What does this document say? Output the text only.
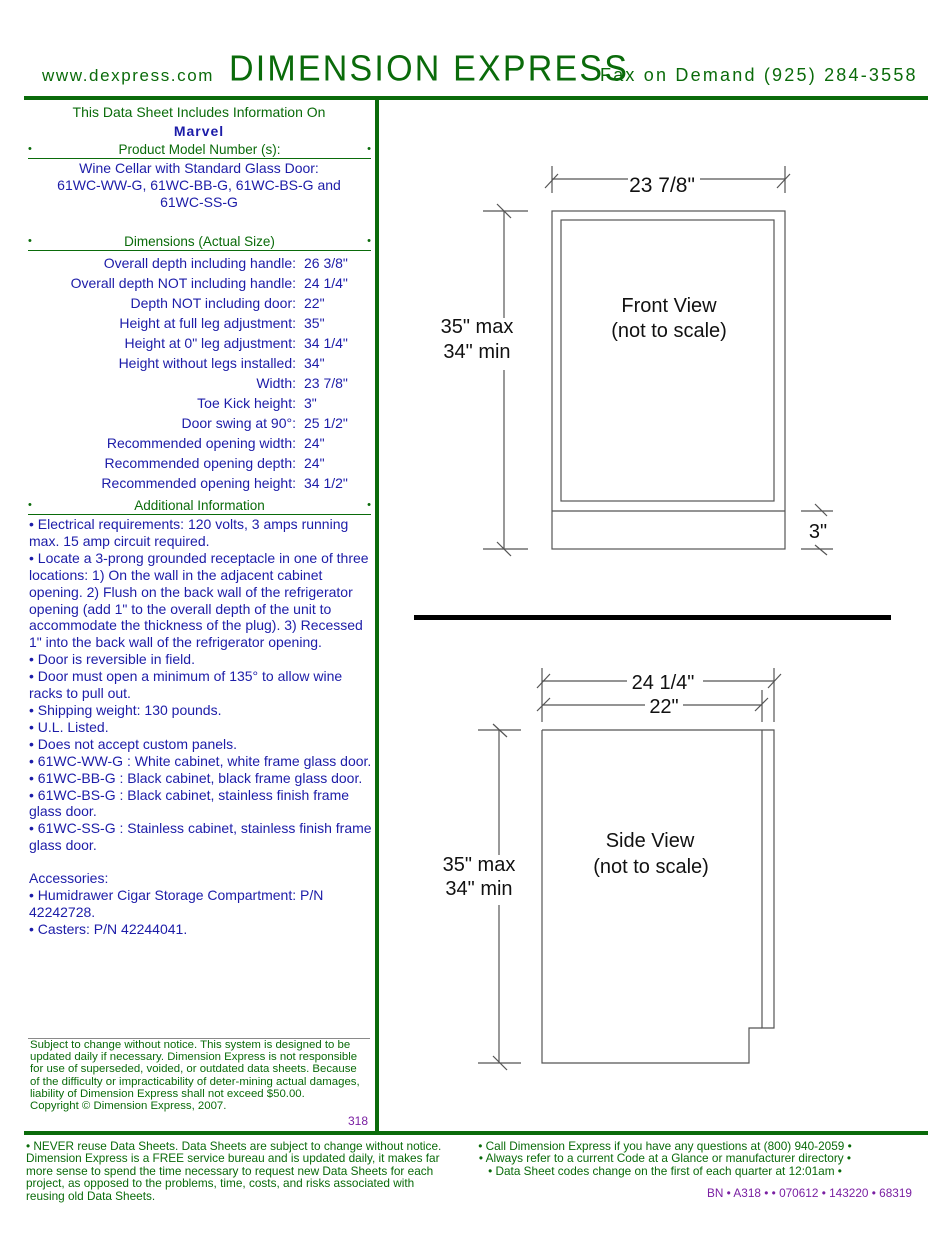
www.dexpress.com DIMENSION EXPRESS
Fax on Demand (925) 284-3558
This Data Sheet Includes Information On
Marvel
•	Product Model Number (s):	•
Wine Cellar with Standard Glass Door:
61WC-WW-G, 61WC-BB-G, 61WC-BS-G and
61WC-SS-G
•	Dimensions (Actual Size)	•
Overall depth including handle: 26 3/8"
Overall depth NOT including handle: 24 1/4"
Depth NOT including door: 22"
Height at full leg adjustment: 35"
Height at 0" leg adjustment: 34 1/4"
Height without legs installed: 34"
Width: 23 7/8"
Toe Kick height: 3"
Door swing at 90°: 25 1/2"
Recommended opening width: 24"
Recommended opening depth: 24"
Recommended opening height: 34 1/2"
•	Additional Information	•

• Electrical requirements: 120 volts, 3 amps running max. 15 amp circuit required.

• Locate a 3-prong grounded receptacle in one of three locations: 1) On the wall in the adjacent cabinet opening. 2) Flush on the back wall of the refrigerator opening (add 1" to the overall depth of the unit to accommodate the thickness of the plug). 3) Recessed 1" into the back wall of the refrigerator opening.

• Door is reversible in field.

• Door must open a minimum of 135° to allow wine racks to pull out.

• Shipping weight: 130 pounds.

• U.L. Listed.

• Does not accept custom panels.

• 61WC-WW-G : White cabinet, white frame glass door.

• 61WC-BB-G : Black cabinet, black frame glass door.

• 61WC-BS-G : Black cabinet, stainless finish frame glass door.

• 61WC-SS-G : Stainless cabinet, stainless finish frame glass door.

Accessories:

• Humidrawer Cigar Storage Compartment: P/N 42242728.

• Casters: P/N 42244041.

Subject to change without notice. This system is designed to be updated daily if necessary. Dimension Express is not responsible for use of superseded, voided, or outdated data sheets. Because of the difficulty or impracticability of deter-mining actual damages, liability of Dimension Express shall not exceed $50.00.
Copyright © Dimension Express, 2007.
318
23 7/8"
35" max
34" min
Front View
(not to scale)
3"
24 1/4"
22"
35" max
34" min
Side View
(not to scale)
• NEVER reuse Data Sheets. Data Sheets are subject to change without notice. Dimension Express is a FREE service bureau and is updated daily, it makes far more sense to spend the time necessary to request new Data Sheets for each project, as opposed to the problems, time, costs, and risks associated with reusing old Data Sheets.
• Call Dimension Express if you have any questions at (800) 940-2059 •
• Always refer to a current Code at a Glance or manufacturer directory •
• Data Sheet codes change on the first of each quarter at 12:01am •
BN • A318 • • 070612 • 143220 • 68319
